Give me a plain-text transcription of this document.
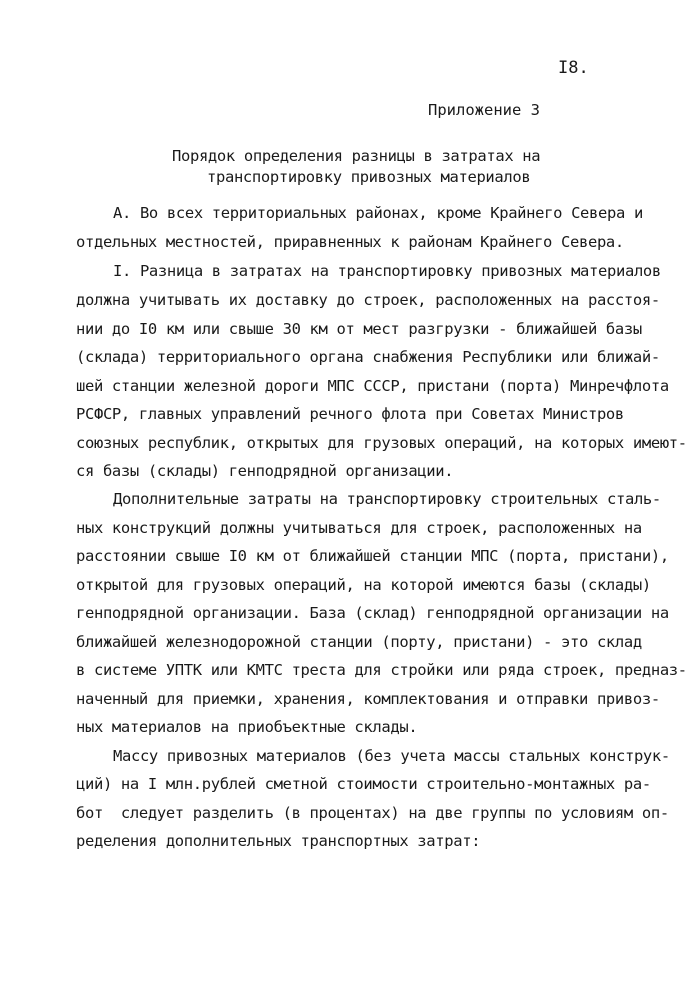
I8.
Приложение 3
Порядок определения разницы в затратах на
транспортировку привозных материалов
А. Во всех территориальных районах, кроме Крайнего Севера и
отдельных местностей, приравненных к районам Крайнего Севера.
I. Разница в затратах на транспортировку привозных материалов
должна учитывать их доставку до строек, расположенных на расстоя-
нии до I0 км или свыше 30 км от мест разгрузки - ближайшей базы
(склада) территориального органа снабжения Республики или ближай-
шей станции железной дороги МПС СССР, пристани (порта) Минречфлота
РСФСР, главных управлений речного флота при Советах Министров
союзных республик, открытых для грузовых операций, на которых имеют-
ся базы (склады) генподрядной организации.
Дополнительные затраты на транспортировку строительных сталь-
ных конструкций должны учитываться для строек, расположенных на
расстоянии свыше I0 км от ближайшей станции МПС (порта, пристани),
открытой для грузовых операций, на которой имеются базы (склады)
генподрядной организации. База (склад) генподрядной организации на
ближайшей железнодорожной станции (порту, пристани) - это склад
в системе УПТК или КМТС треста для стройки или ряда строек, предназ-
наченный для приемки, хранения, комплектования и отправки привоз-
ных материалов на приобъектные склады.
Массу привозных материалов (без учета массы стальных конструк-
ций) на I млн.рублей сметной стоимости строительно-монтажных ра-
бот  следует разделить (в процентах) на две группы по условиям оп-
ределения дополнительных транспортных затрат:
